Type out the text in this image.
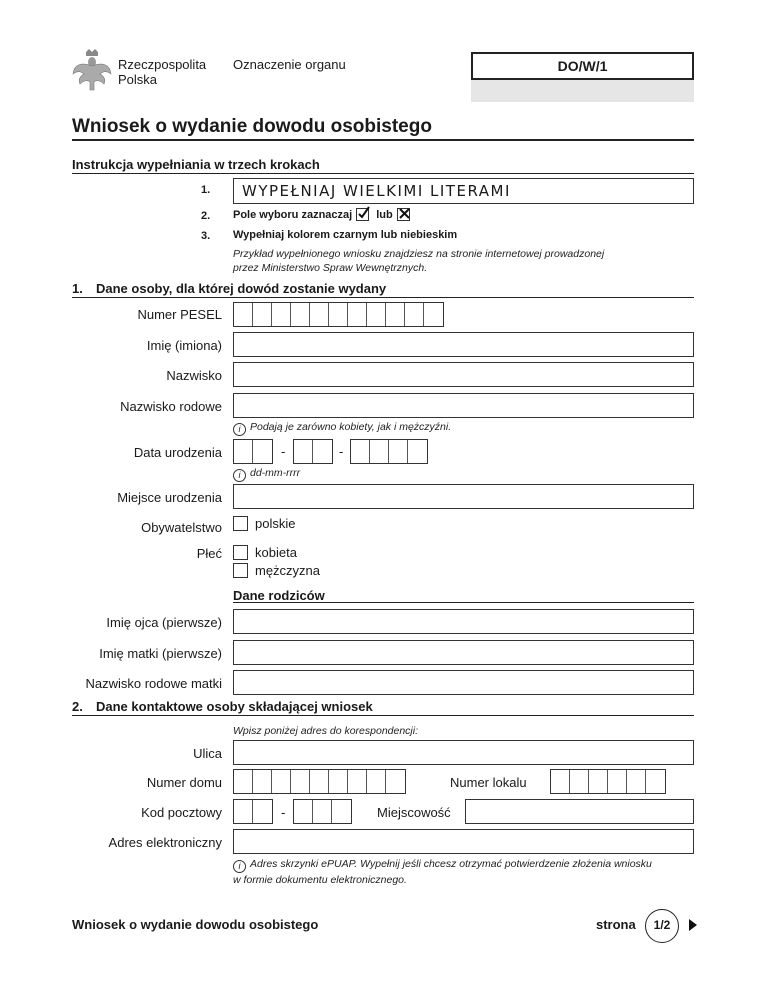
Rzeczpospolita
Polska
Oznaczenie organu	DO/W/1
Wniosek o wydanie dowodu osobistego
Instrukcja wypełniania w trzech krokach
1. WYPEŁNIAJ WIELKIMI LITERAMI
2. Pole wyboru zaznaczaj lub
3. Wypełniaj kolorem czarnym lub niebieskim
Przykład wypełnionego wniosku znajdziesz na stronie internetowej prowadzonej
przez Ministerstwo Spraw Wewnętrznych.
1. Dane osoby, dla której dowód zostanie wydany
Numer PESEL
Imię (imiona)
Nazwisko
Nazwisko rodowe
i Podają je zarówno kobiety, jak i mężczyźni.
Data urodzenia	-	-
i dd-mm-rrrr
Miejsce urodzenia
Obywatelstwo	polskie
Płeć	kobieta
mężczyzna
Dane rodziców
Imię ojca (pierwsze)
Imię matki (pierwsze)
Nazwisko rodowe matki
2. Dane kontaktowe osoby składającej wniosek
Wpisz poniżej adres do korespondencji:
Ulica
Numer domu	Numer lokalu
Kod pocztowy	-	Miejscowość
Adres elektroniczny
i Adres skrzynki ePUAP. Wypełnij jeśli chcesz otrzymać potwierdzenie złożenia wniosku
w formie dokumentu elektronicznego.
Wniosek o wydanie dowodu osobistego	strona	1/2
